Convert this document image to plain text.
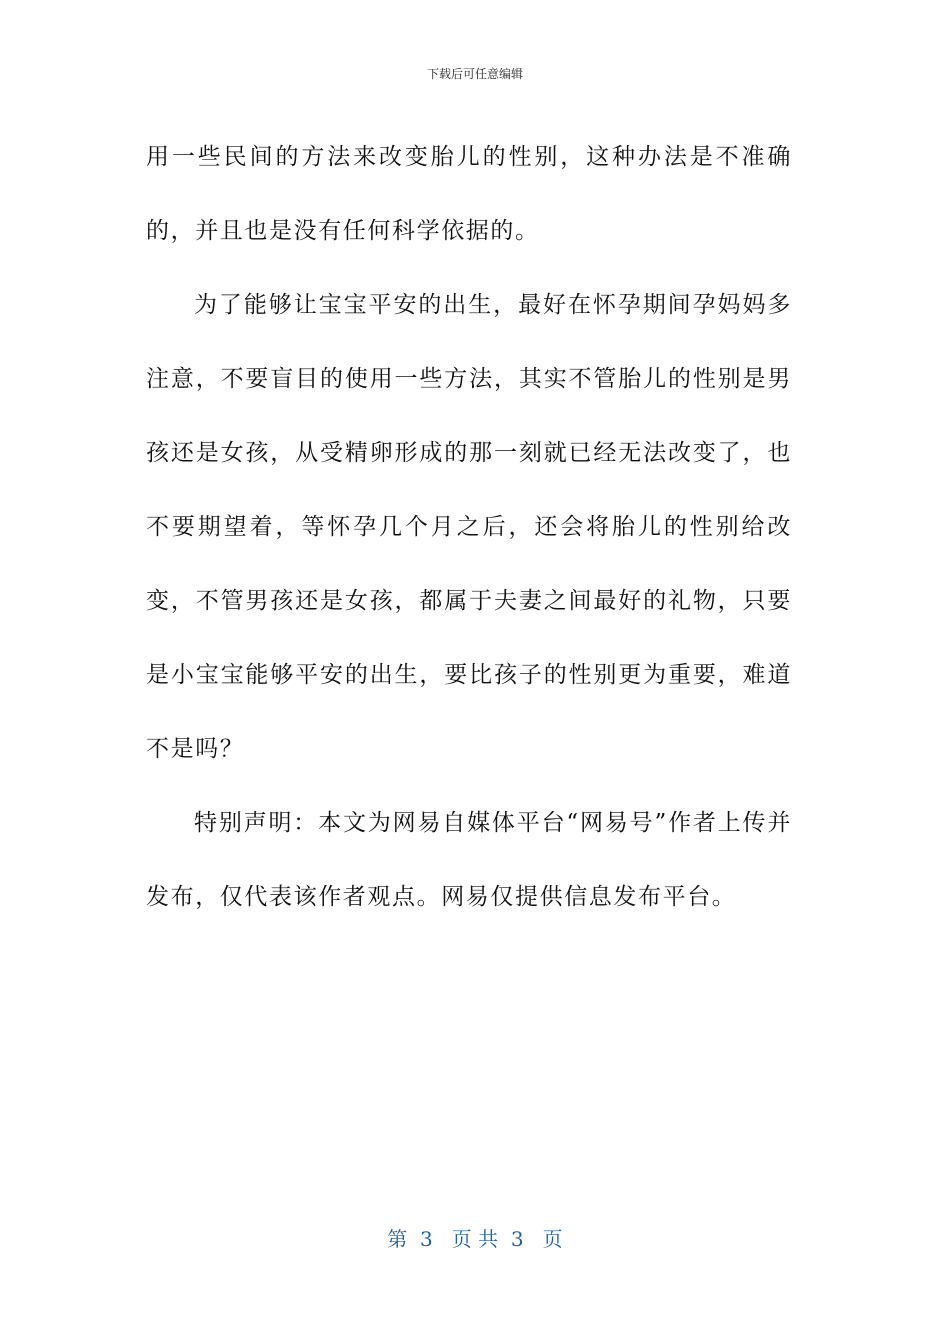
下载后可任意编辑

用一些民间的方法来改变胎儿的性别，这种办法是不准确的，并且也是没有任何科学依据的。

为了能够让宝宝平安的出生，最好在怀孕期间孕妈妈多注意，不要盲目的使用一些方法，其实不管胎儿的性别是男孩还是女孩，从受精卵形成的那一刻就已经无法改变了，也不要期望着，等怀孕几个月之后，还会将胎儿的性别给改变，不管男孩还是女孩，都属于夫妻之间最好的礼物，只要是小宝宝能够平安的出生，要比孩子的性别更为重要，难道不是吗？

特别声明：本文为网易自媒体平台“网易号”作者上传并发布，仅代表该作者观点。网易仅提供信息发布平台。

第  3   页 共  3   页
